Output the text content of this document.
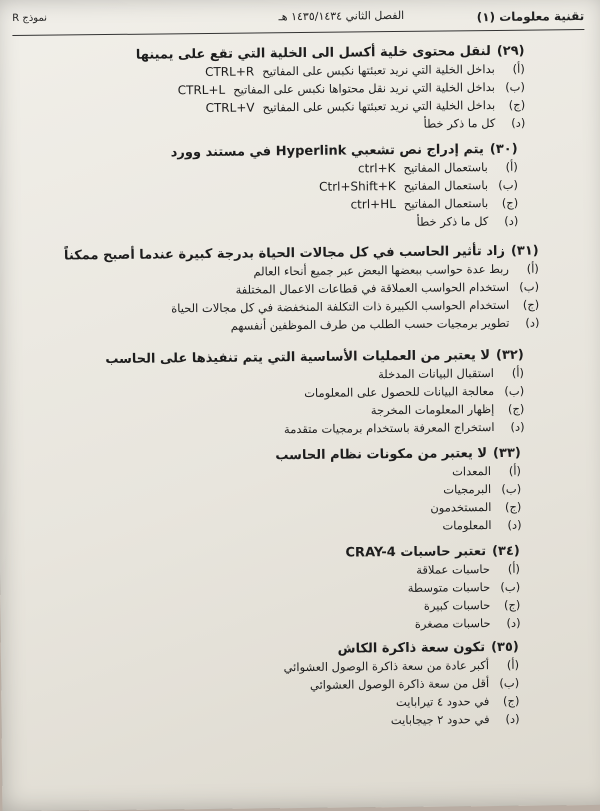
تقنية معلومات (١)
الفصل الثاني ١٤٣٥/١٤٣٤ هـ
نموذج R
(٢٩)لنقل محتوى خلية أكسل الى الخلية التي تقع على يمينها
(أ)
بداخل الخلية التي نريد تعبئتها نكبس على المفاتيح
CTRL+R
(ب)
بداخل الخلية التي نريد نقل محتواها نكبس على المفاتيح
CTRL+L
(ج)
بداخل الخلية التي نريد تعبئتها نكبس على المفاتيح
CTRL+V
(د)
كل ما ذكر خطأ
(٣٠)يتم إدراج نص تشعبي Hyperlink في مستند وورد
(أ)
باستعمال المفاتيح
ctrl+K
(ب)
باستعمال المفاتيح
Ctrl+Shift+K
(ج)
باستعمال المفاتيح
ctrl+HL
(د)
كل ما ذكر خطأ
(٣١)زاد تأثير الحاسب في كل مجالات الحياة بدرجة كبيرة عندما أصبح ممكناً
(أ)
ربط عدة حواسب ببعضها البعض عبر جميع أنحاء العالم
(ب)
استخدام الحواسب العملاقة في قطاعات الاعمال المختلفة
(ج)
استخدام الحواسب الكبيرة ذات التكلفة المنخفضة في كل مجالات الحياة
(د)
تطوير برمجيات حسب الطلب من طرف الموظفين أنفسهم
(٣٢)لا يعتبر من العمليات الأساسية التي يتم تنفيذها على الحاسب
(أ)
استقبال البيانات المدخلة
(ب)
معالجة البيانات للحصول على المعلومات
(ج)
إظهار المعلومات المخرجة
(د)
استخراج المعرفة باستخدام برمجيات متقدمة
(٣٣)لا يعتبر من مكونات نظام الحاسب
(أ)
المعدات
(ب)
البرمجيات
(ج)
المستخدمون
(د)
المعلومات
(٣٤)تعتبر حاسبات CRAY-4
(أ)
حاسبات عملاقة
(ب)
حاسبات متوسطة
(ج)
حاسبات كبيرة
(د)
حاسبات مصغرة
(٣٥)تكون سعة ذاكرة الكاش
(أ)
أكبر عادة من سعة ذاكرة الوصول العشوائي
(ب)
أقل من سعة ذاكرة الوصول العشوائي
(ج)
في حدود ٤ تيرابايت
(د)
في حدود ٢ جيجابايت
